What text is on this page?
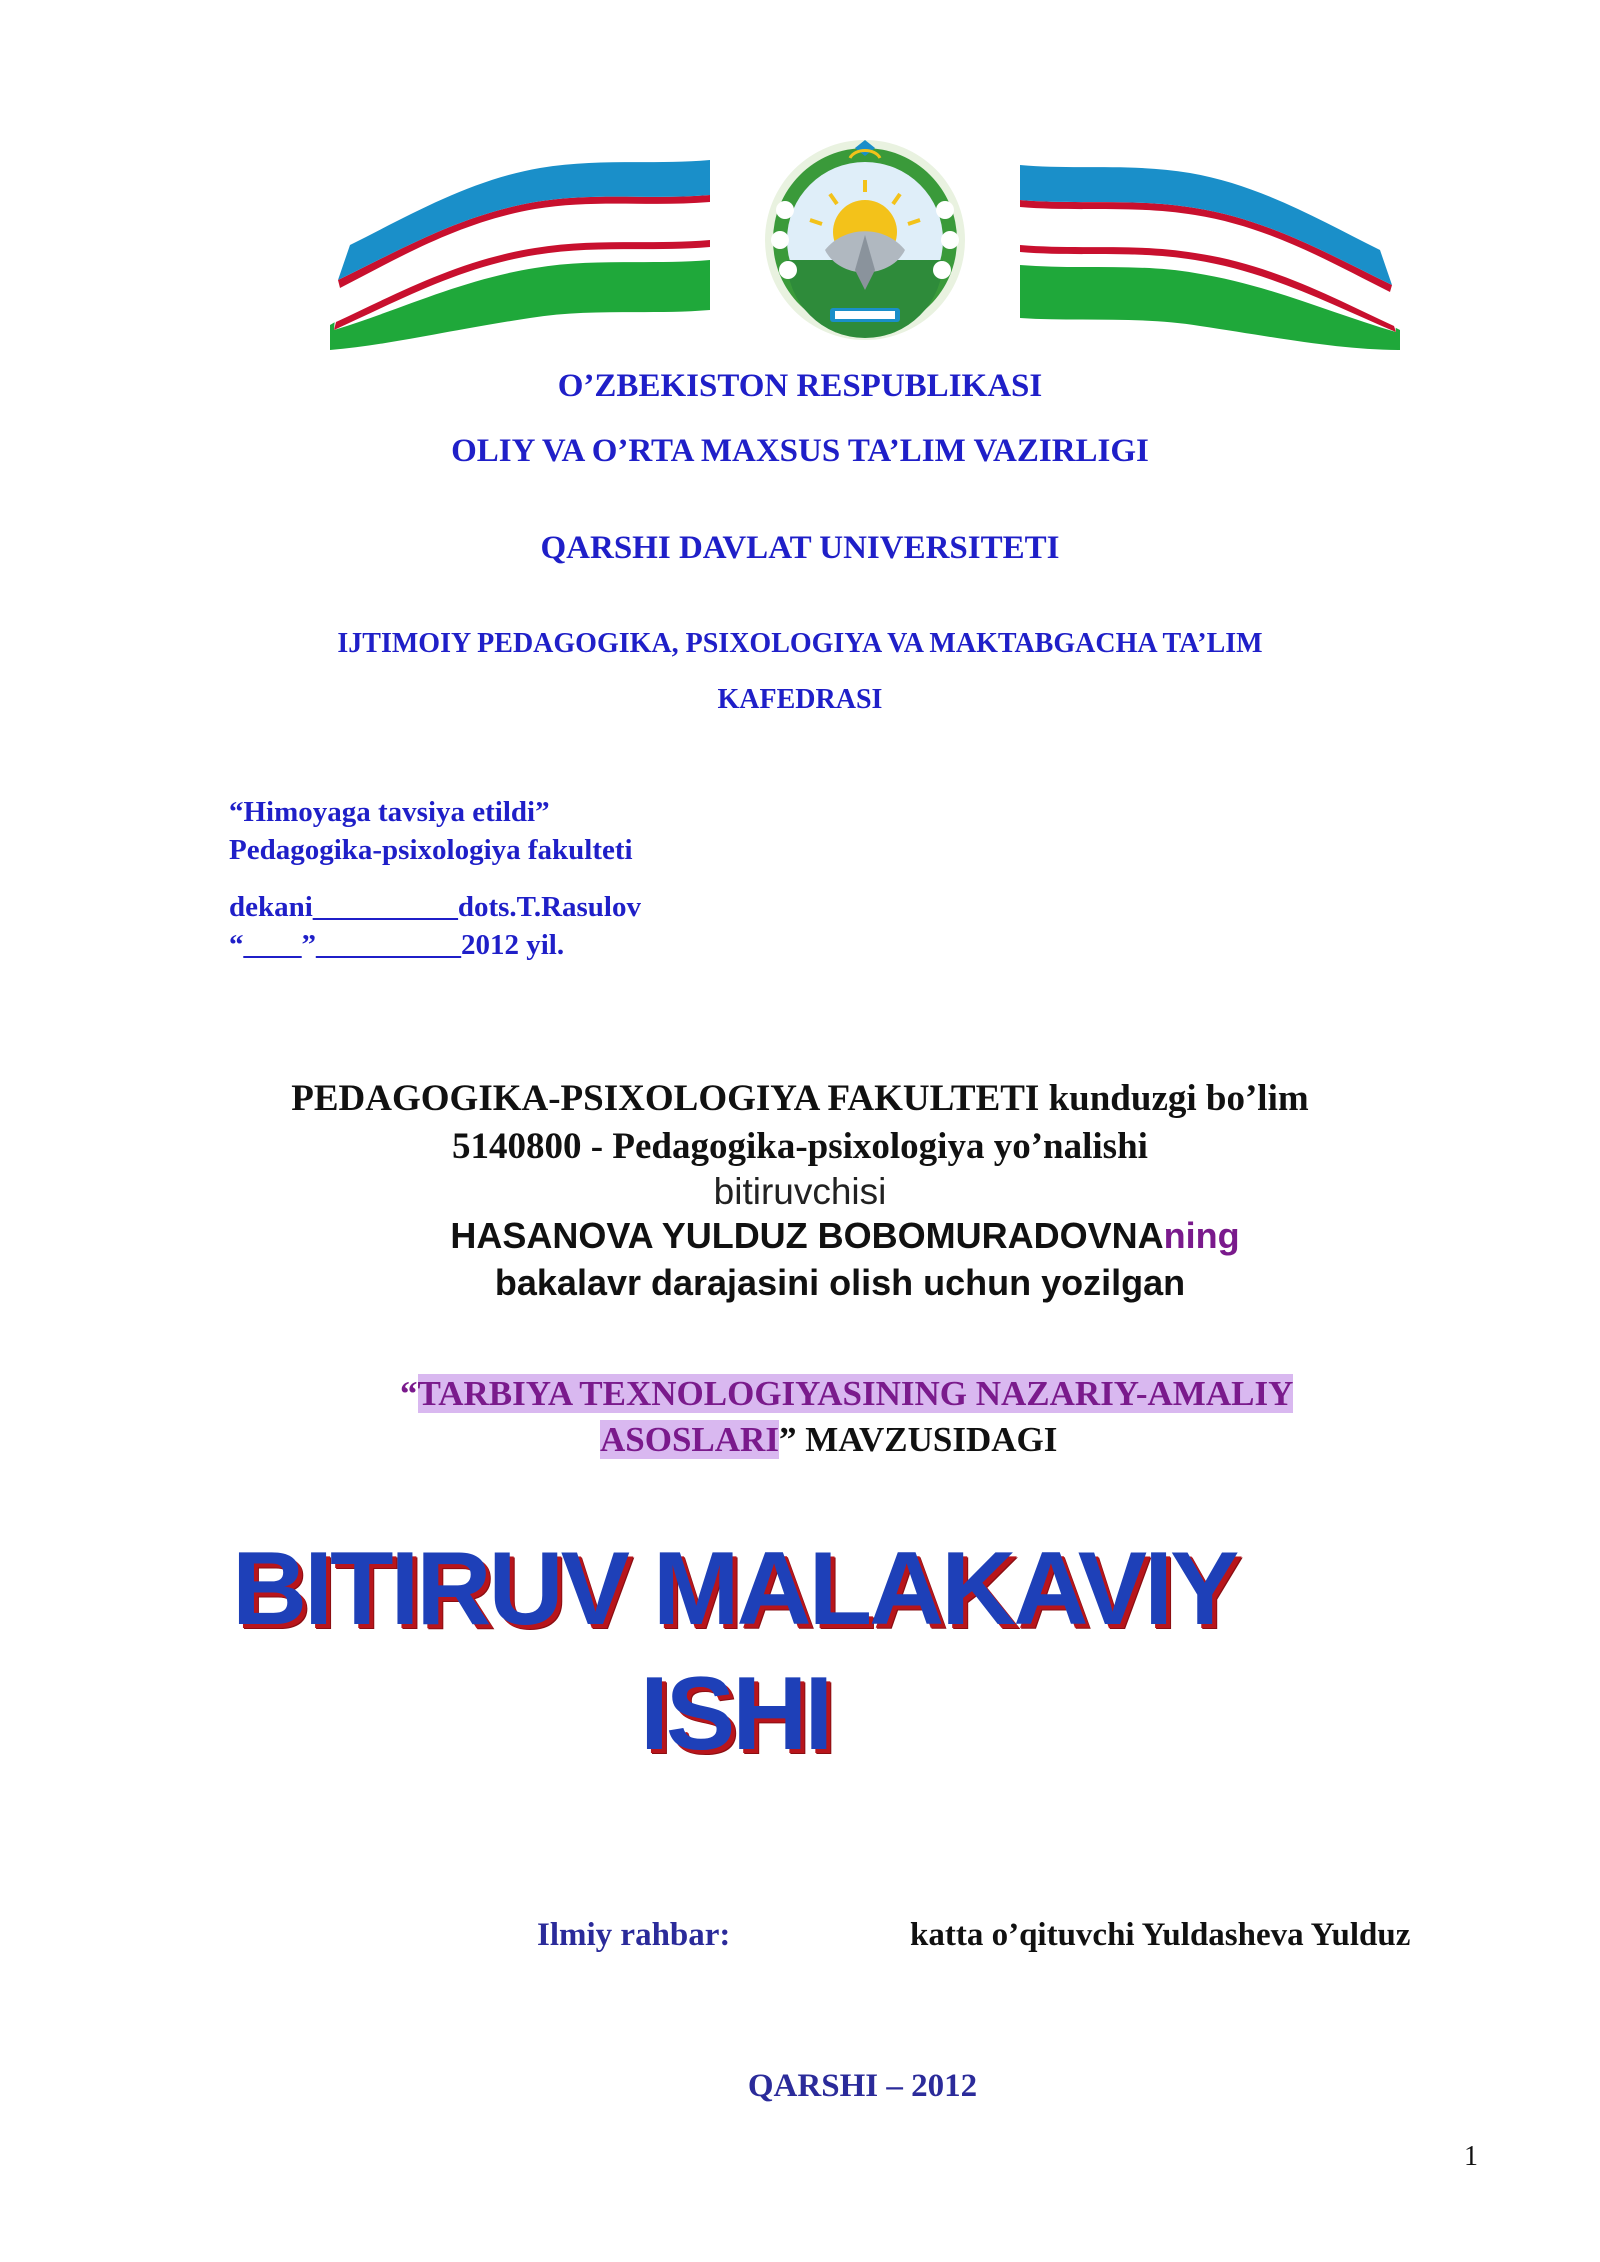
O’ZBEKISTON RESPUBLIKASI
OLIY VA O’RTA MAXSUS TA’LIM VAZIRLIGI
QARSHI DAVLAT UNIVERSITETI
IJTIMOIY PEDAGOGIKA, PSIXOLOGIYA VA MAKTABGACHA TA’LIM
KAFEDRASI
“Himoyaga tavsiya etildi”
Pedagogika-psixologiya fakulteti
dekani__________dots.T.Rasulov
“____”__________2012 yil.
PEDAGOGIKA-PSIXOLOGIYA FAKULTETI kunduzgi bo’lim
5140800 - Pedagogika-psixologiya yo’nalishi
bitiruvchisi
HASANOVA YULDUZ BOBOMURADOVNAning
bakalavr darajasini olish uchun yozilgan
“TARBIYA TEXNOLOGIYASINING NAZARIY-AMALIY
ASOSLARI” MAVZUSIDAGI
BITIRUV MALAKAVIY
ISHI
Ilmiy rahbar:	katta o’qituvchi Yuldasheva Yulduz
QARSHI – 2012
1
